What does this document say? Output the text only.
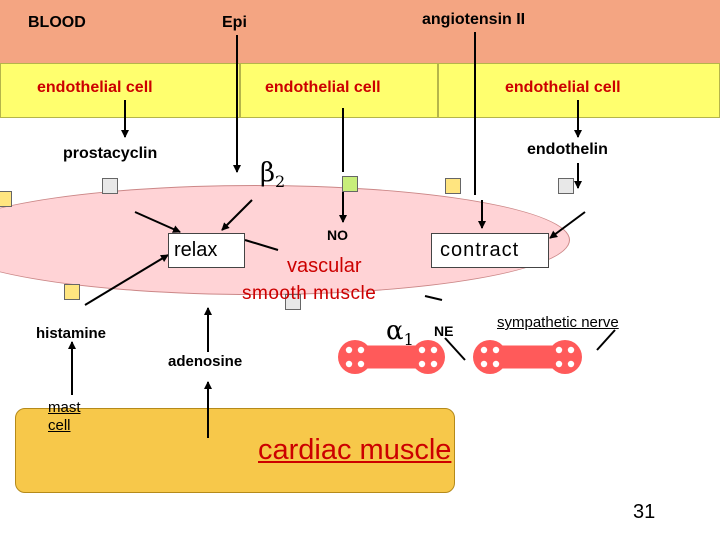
BLOOD	Epi	angiotensin II
endothelial cell	endothelial cell	endothelial cell
prostacyclin	endothelin
$\beta_2$
NO
relax	contract
vascular
smooth muscle
$\alpha_1$ NE	sympathetic nerve
histamine
adenosine
mast
cell
cardiac muscle
31
